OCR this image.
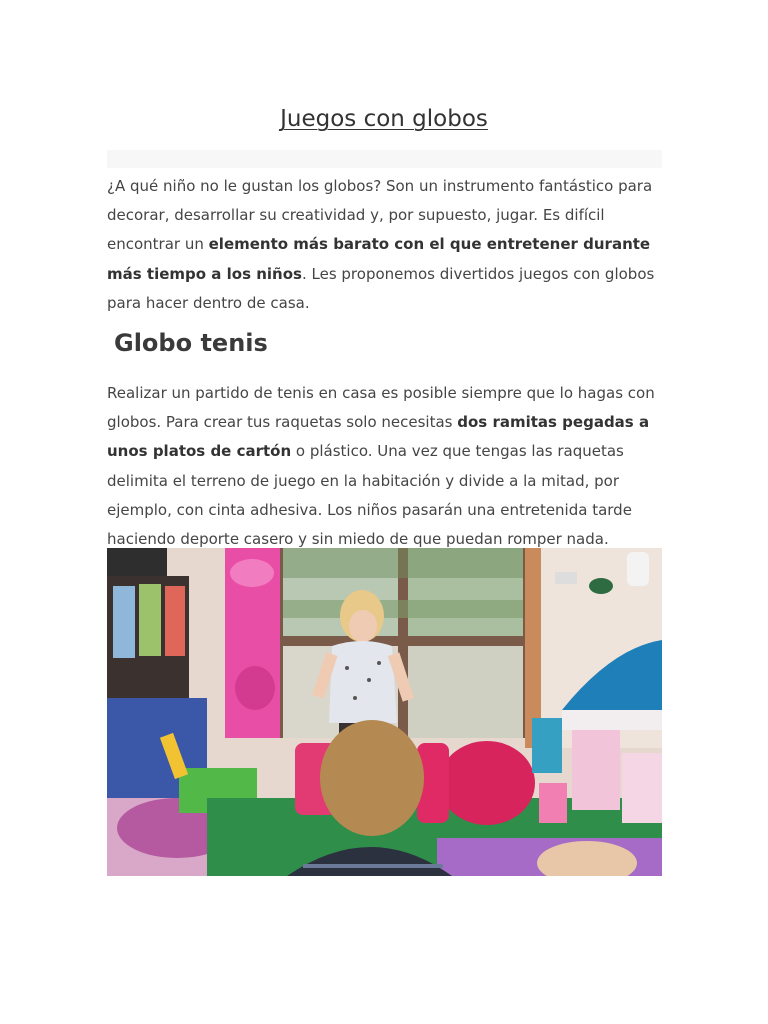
Juegos con globos

¿A qué niño no le gustan los globos? Son un instrumento fantástico para decorar, desarrollar su creatividad y, por supuesto, jugar. Es difícil encontrar un elemento más barato con el que entretener durante más tiempo a los niños. Les proponemos divertidos juegos con globos para hacer dentro de casa.

Globo tenis

Realizar un partido de tenis en casa es posible siempre que lo hagas con globos. Para crear tus raquetas solo necesitas dos ramitas pegadas a unos platos de cartón o plástico. Una vez que tengas las raquetas delimita el terreno de juego en la habitación y divide a la mitad, por ejemplo, con cinta adhesiva. Los niños pasarán una entretenida tarde haciendo deporte casero y sin miedo de que puedan romper nada.
